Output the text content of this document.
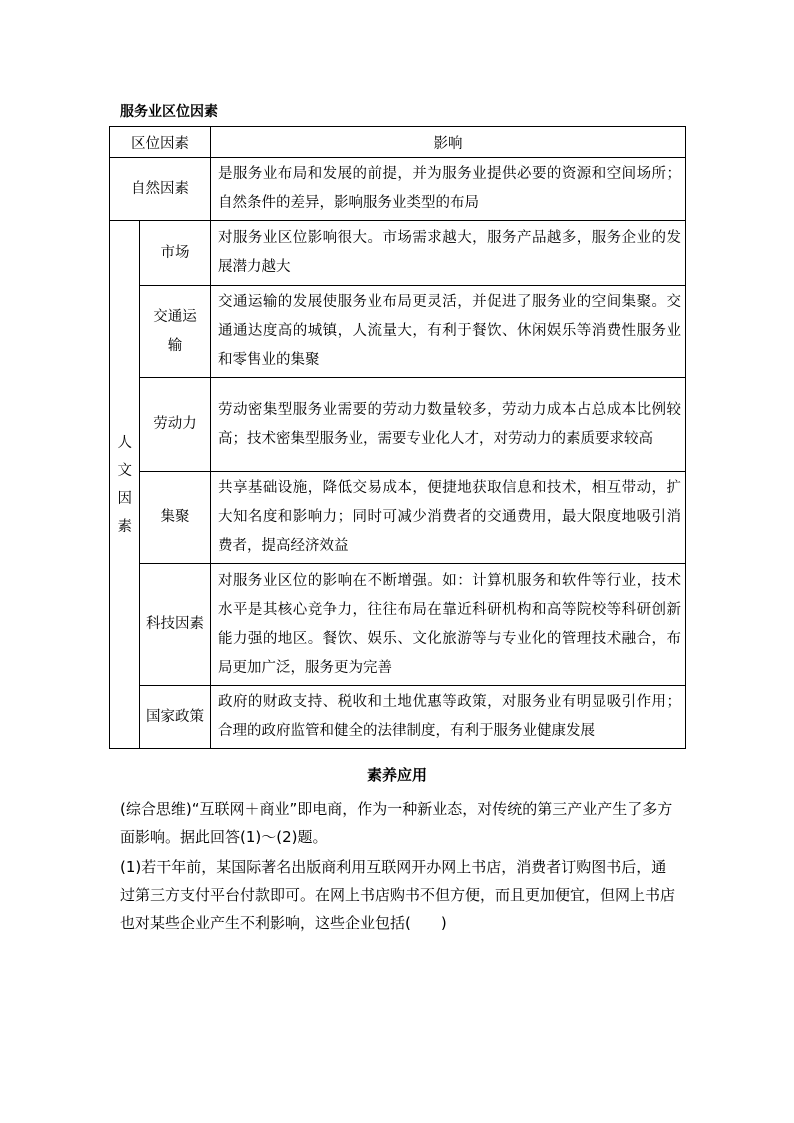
服务业区位因素
区位因素		影响
自然因素		是服务业布局和发展的前提，并为服务业提供必要的资源和空间场所；自然条件的差异，影响服务业类型的布局

人文因素	市场	对服务业区位影响很大。市场需求越大，服务产品越多，服务企业的发展潜力越大

	交通运输	交通运输的发展使服务业布局更灵活，并促进了服务业的空间集聚。交通通达度高的城镇，人流量大，有利于餐饮、休闲娱乐等消费性服务业和零售业的集聚
	劳动力	劳动密集型服务业需要的劳动力数量较多，劳动力成本占总成本比例较高；技术密集型服务业，需要专业化人才，对劳动力的素质要求较高
	集聚	共享基础设施，降低交易成本，便捷地获取信息和技术，相互带动，扩大知名度和影响力；同时可减少消费者的交通费用，最大限度地吸引消费者，提高经济效益

	科技因素	对服务业区位的影响在不断增强。如：计算机服务和软件等行业，技术水平是其核心竞争力，往往布局在靠近科研机构和高等院校等科研创新能力强的地区。餐饮、娱乐、文化旅游等与专业化的管理技术融合，布局更加广泛，服务更为完善

	国家政策	政府的财政支持、税收和土地优惠等政策，对服务业有明显吸引作用；合理的政府监管和健全的法律制度，有利于服务业健康发展
素养应用
(综合思维)“互联网＋商业”即电商，作为一种新业态，对传统的第三产业产生了多方面影响。据此回答(1)～(2)题。
(1)若干年前，某国际著名出版商利用互联网开办网上书店，消费者订购图书后，通过第三方支付平台付款即可。在网上书店购书不但方便，而且更加便宜，但网上书店也对某些企业产生不利影响，这些企业包括(　　)
